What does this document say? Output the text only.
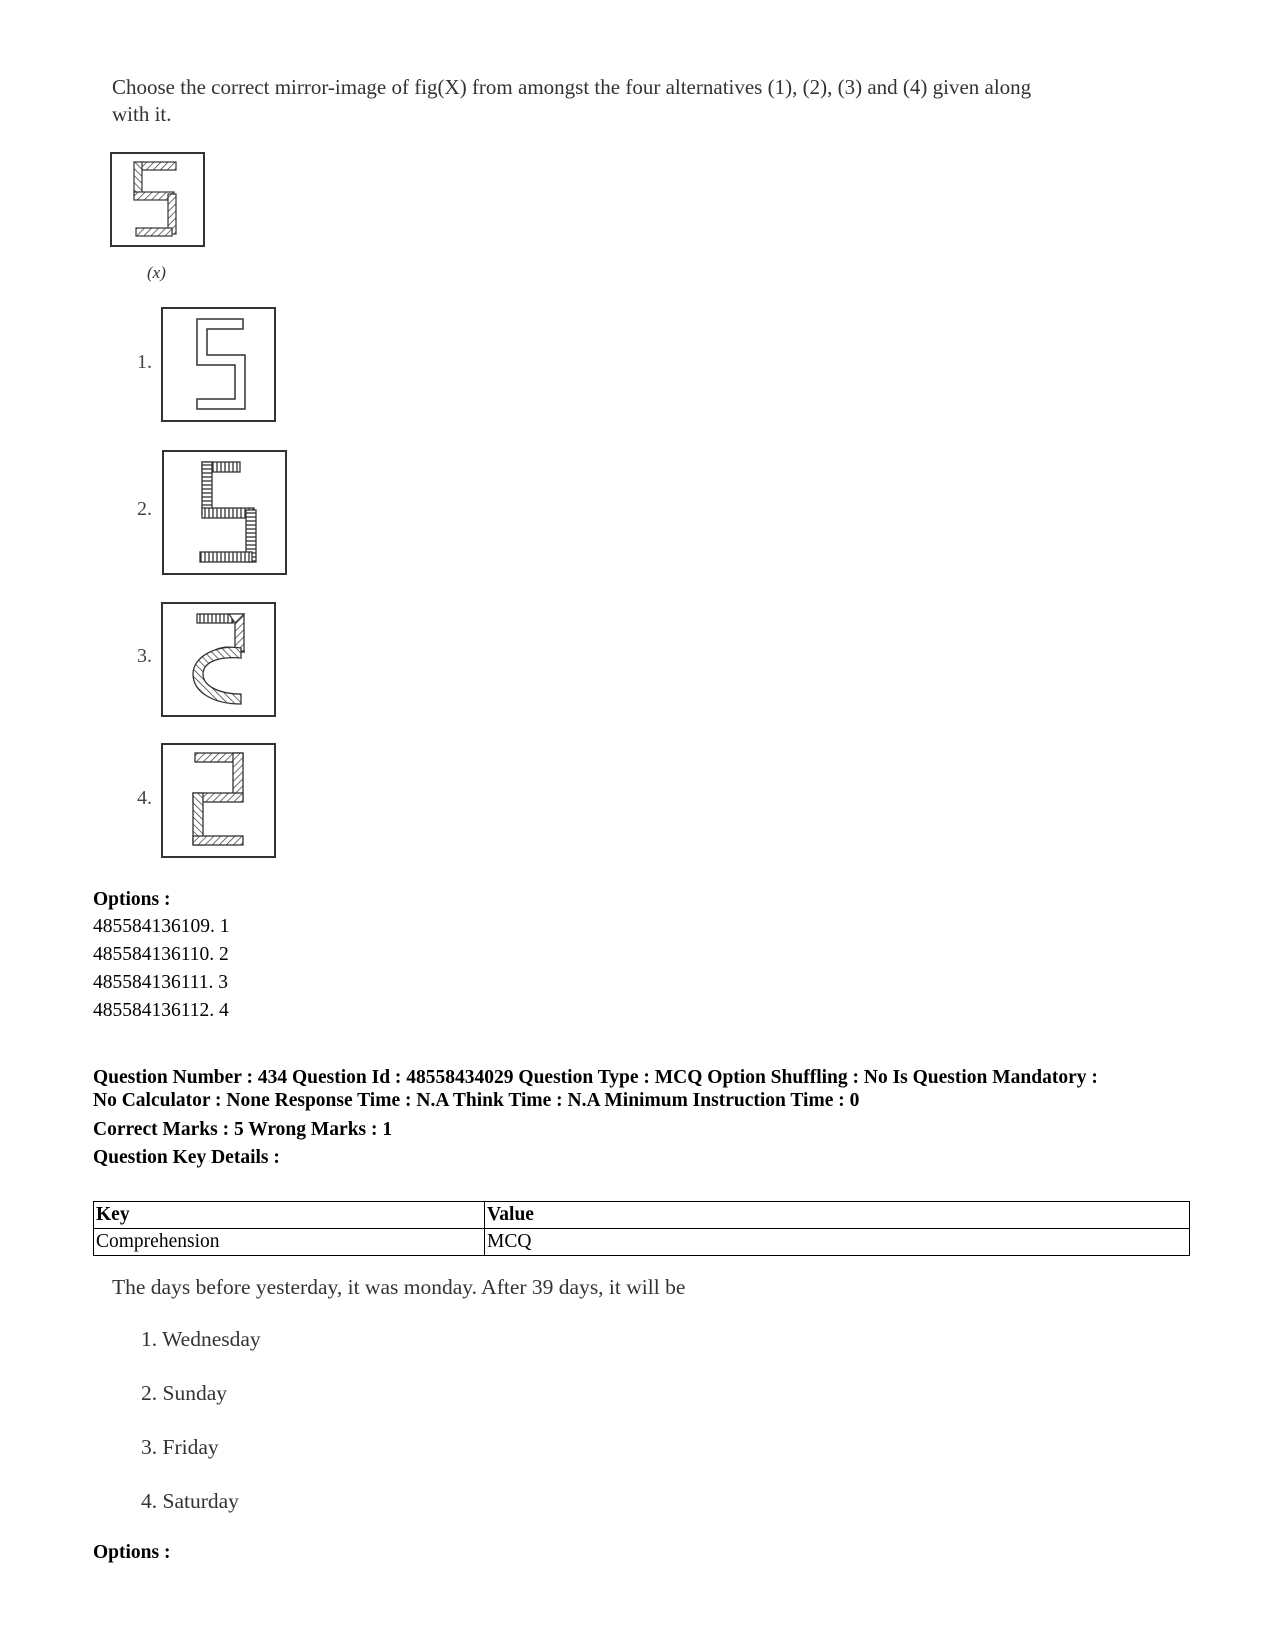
Choose the correct mirror-image of fig(X) from amongst the four alternatives (1), (2), (3) and (4) given along
with it.
(x)
1.
2.
3.
4.
Options :
485584136109. 1
485584136110. 2
485584136111. 3
485584136112. 4
Question Number : 434 Question Id : 48558434029 Question Type : MCQ Option Shuffling : No Is Question Mandatory :
No Calculator : None Response Time : N.A Think Time : N.A Minimum Instruction Time : 0
Correct Marks : 5 Wrong Marks : 1
Question Key Details :
Key	Value
Comprehension	MCQ
The days before yesterday, it was monday. After 39 days, it will be
1. Wednesday
2. Sunday
3. Friday
4. Saturday
Options :
